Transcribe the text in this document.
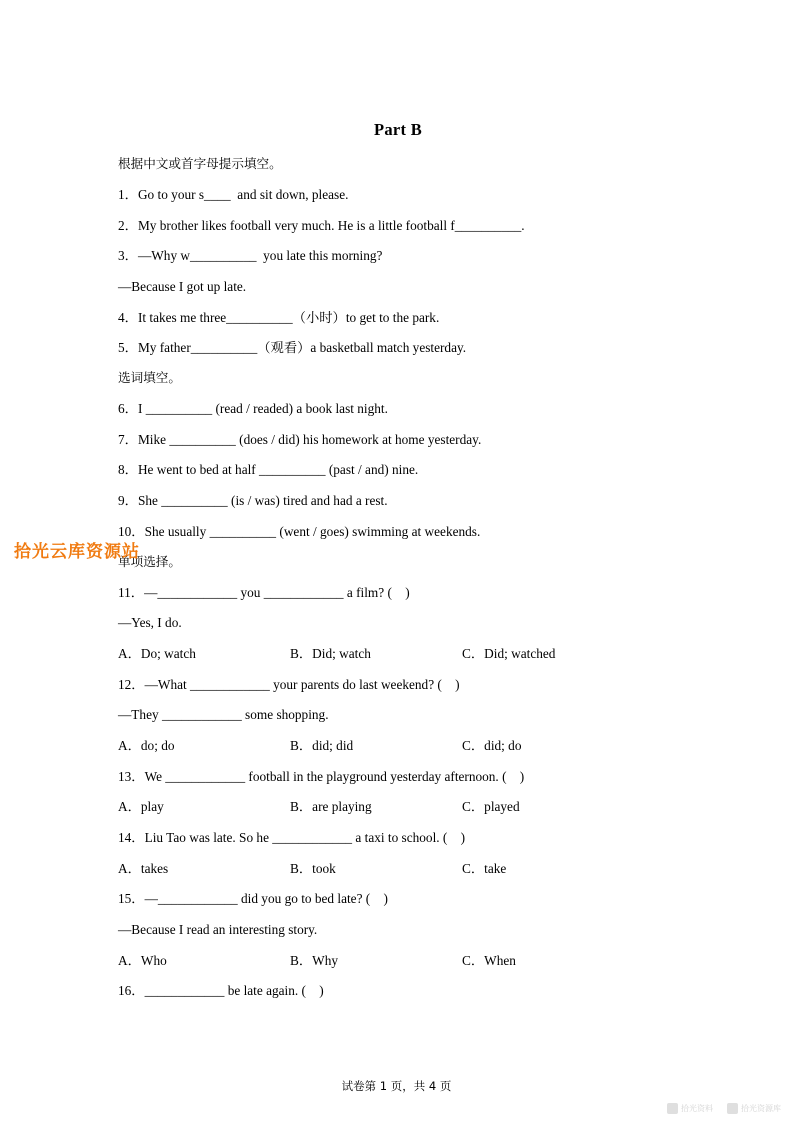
Part B
根据中文或首字母提示填空。
1．Go to your s____  and sit down, please.
2．My brother likes football very much. He is a little football f__________.
3．—Why w__________  you late this morning?
—Because I got up late.
4．It takes me three__________（小时）to get to the park.
5．My father__________（观看）a basketball match yesterday.
选词填空。
6．I __________ (read / readed) a book last night.
7．Mike __________ (does / did) his homework at home yesterday.
8．He went to bed at half __________ (past / and) nine.
9．She __________ (is / was) tired and had a rest.
10．She usually __________ (went / goes) swimming at weekends.
单项选择。
11．—____________ you ____________ a film? (    )
—Yes, I do.
A．Do; watch	B．Did; watch	C．Did; watched
12．—What ____________ your parents do last weekend? (    )
—They ____________ some shopping.
A．do; do	B．did; did	C．did; do
13．We ____________ football in the playground yesterday afternoon. (    )
A．play	B．are playing	C．played
14．Liu Tao was late. So he ____________ a taxi to school. (    )
A．takes	B．took	C．take
15．—____________ did you go to bed late? (    )
—Because I read an interesting story.
A．Who	B．Why	C．When
16．____________ be late again. (    )
试卷第 1 页，共 4 页
拾光云库资源站
拾光资料	拾光资源库
